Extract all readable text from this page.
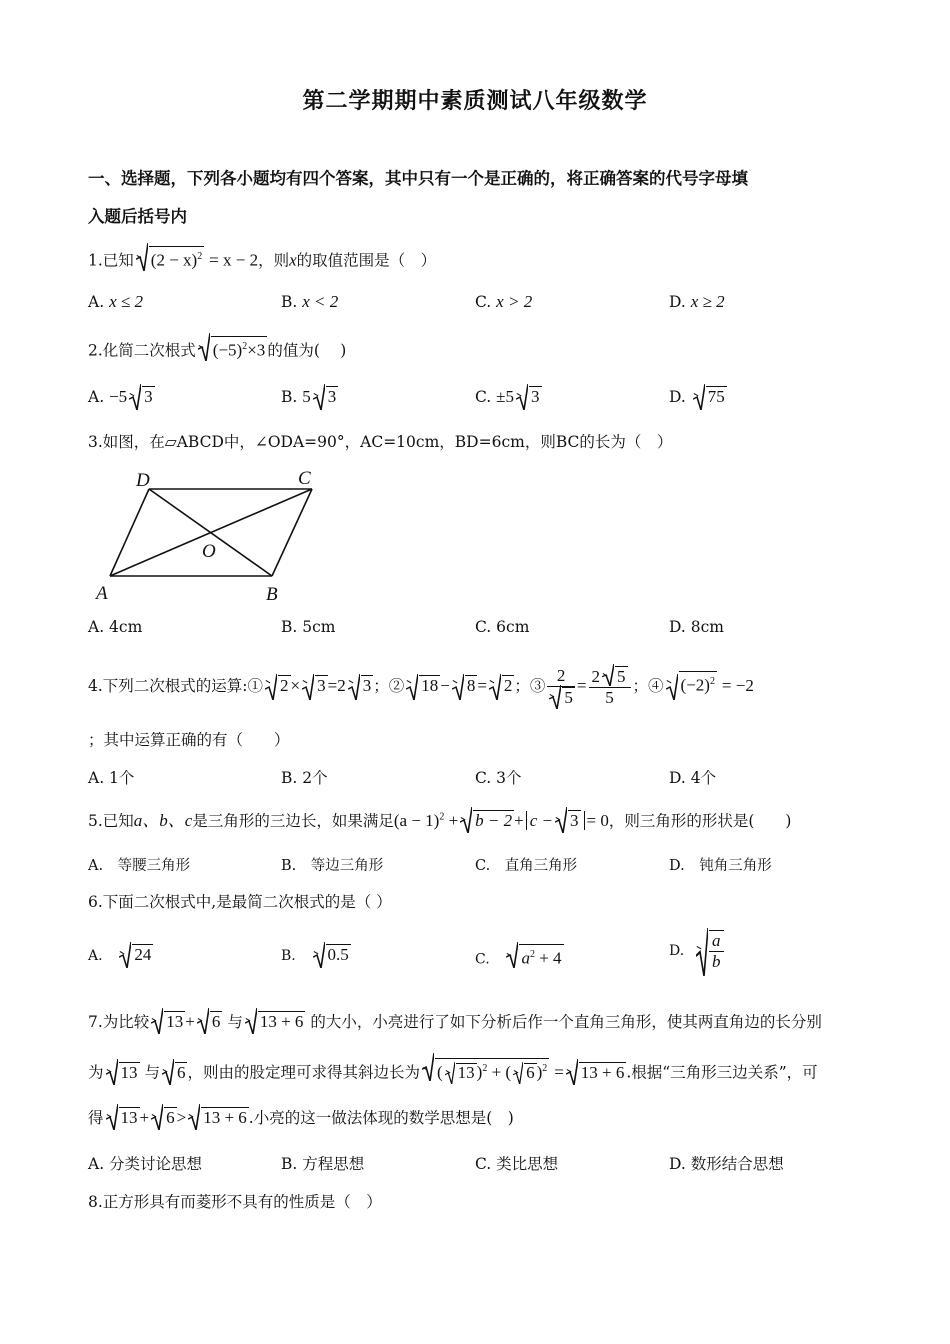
第二学期期中素质测试八年级数学
一、选择题，下列各小题均有四个答案，其中只有一个是正确的，将正确答案的代号字母填
入题后括号内
1.已知 $(2 - x)^2 = x - 2$，则x的取值范围是（　）
A. x ≤ 2	B. x < 2	C. x > 2	D. x ≥ 2
2.化简二次根式 $(-5)^2\times 3$ 的值为(　 )
A. −5 3	B. 5 3	C. ±5 3	D. 75
3.如图，在▱ABCD中，∠ODA=90°，AC=10cm，BD=6cm，则BC的长为（　）
D	C
O
A	B
A. 4cm	B. 5cm	C. 6cm	D. 8cm
4.下列二次根式的运算:① 2 × 3 =2 3 ；② 18 − 8 = 2 ；③ $\frac{2}{5} = \frac{2 5}{5}$ ；④ $(-2)^2 = -2$
；其中运算正确的有（　　）
A. 1个	B. 2个	C. 3个	D. 4个
5.已知a、b、c是三角形的三边长，如果满足$(a - 1)^2 + b - 2 + c - 3 = 0$，则三角形的形状是(　　)
A.　等腰三角形	B.　等边三角形	C.　直角三角形	D.　钝角三角形
6.下面二次根式中,是最简二次根式的是（ ）
A. 24	B. 0.5	C. $a^2 + 4$	D. $\frac{a}{b}$
7.为比较 13 + 6 与 13 + 6 的大小，小亮进行了如下分析后作一个直角三角形，使其两直角边的长分别
为 13 与 6 ，则由的股定理可求得其斜边长为 ( 13 )$^2$ + ( 6 )$^2$ = 13 + 6 .根据“三角形三边关系”，可
得 13 + 6 > 13 + 6 .小亮的这一做法体现的数学思想是(　)
A. 分类讨论思想	B. 方程思想	C. 类比思想	D. 数形结合思想
8.正方形具有而菱形不具有的性质是（　）
